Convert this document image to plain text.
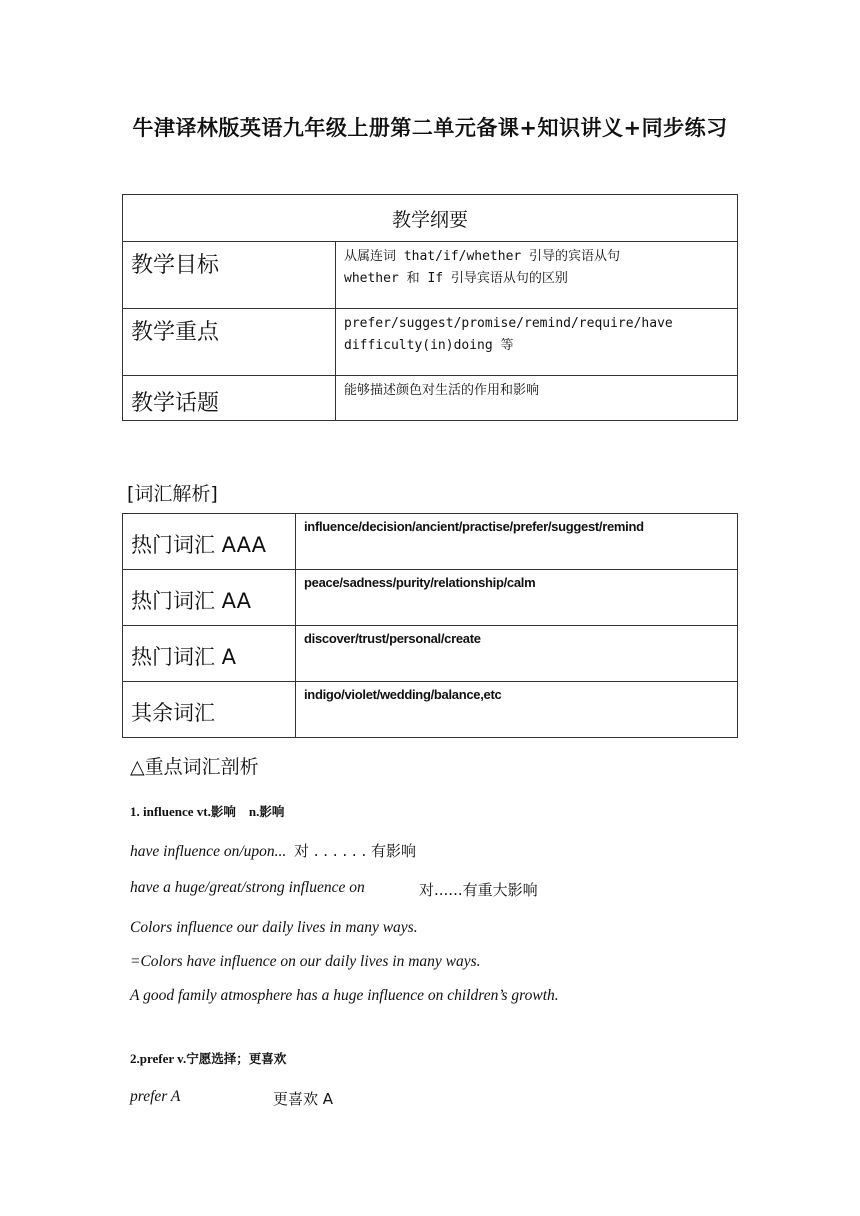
牛津译林版英语九年级上册第二单元备课+知识讲义+同步练习
教学纲要	
教学目标	从属连词 that/if/whether 引导的宾语从句
whether 和 If 引导宾语从句的区别

教学重点	prefer/suggest/promise/remind/require/have
difficulty(in)doing 等

教学话题	能够描述颜色对生活的作用和影响
[词汇解析]
热门词汇 AAA	influence/decision/ancient/practise/prefer/suggest/remind
热门词汇 AA	peace/sadness/purity/relationship/calm
热门词汇 A	discover/trust/personal/create
其余词汇	indigo/violet/wedding/balance,etc
△重点词汇剖析
1. influence vt.影响 n.影响
have influence on/upon... 对 . . . . . . 有影响
have a huge/great/strong influence on	对......有重大影响
Colors influence our daily lives in many ways.
=Colors have influence on our daily lives in many ways.
A good family atmosphere has a huge influence on children’s growth.
2.prefer v.宁愿选择；更喜欢
prefer A	更喜欢 A
